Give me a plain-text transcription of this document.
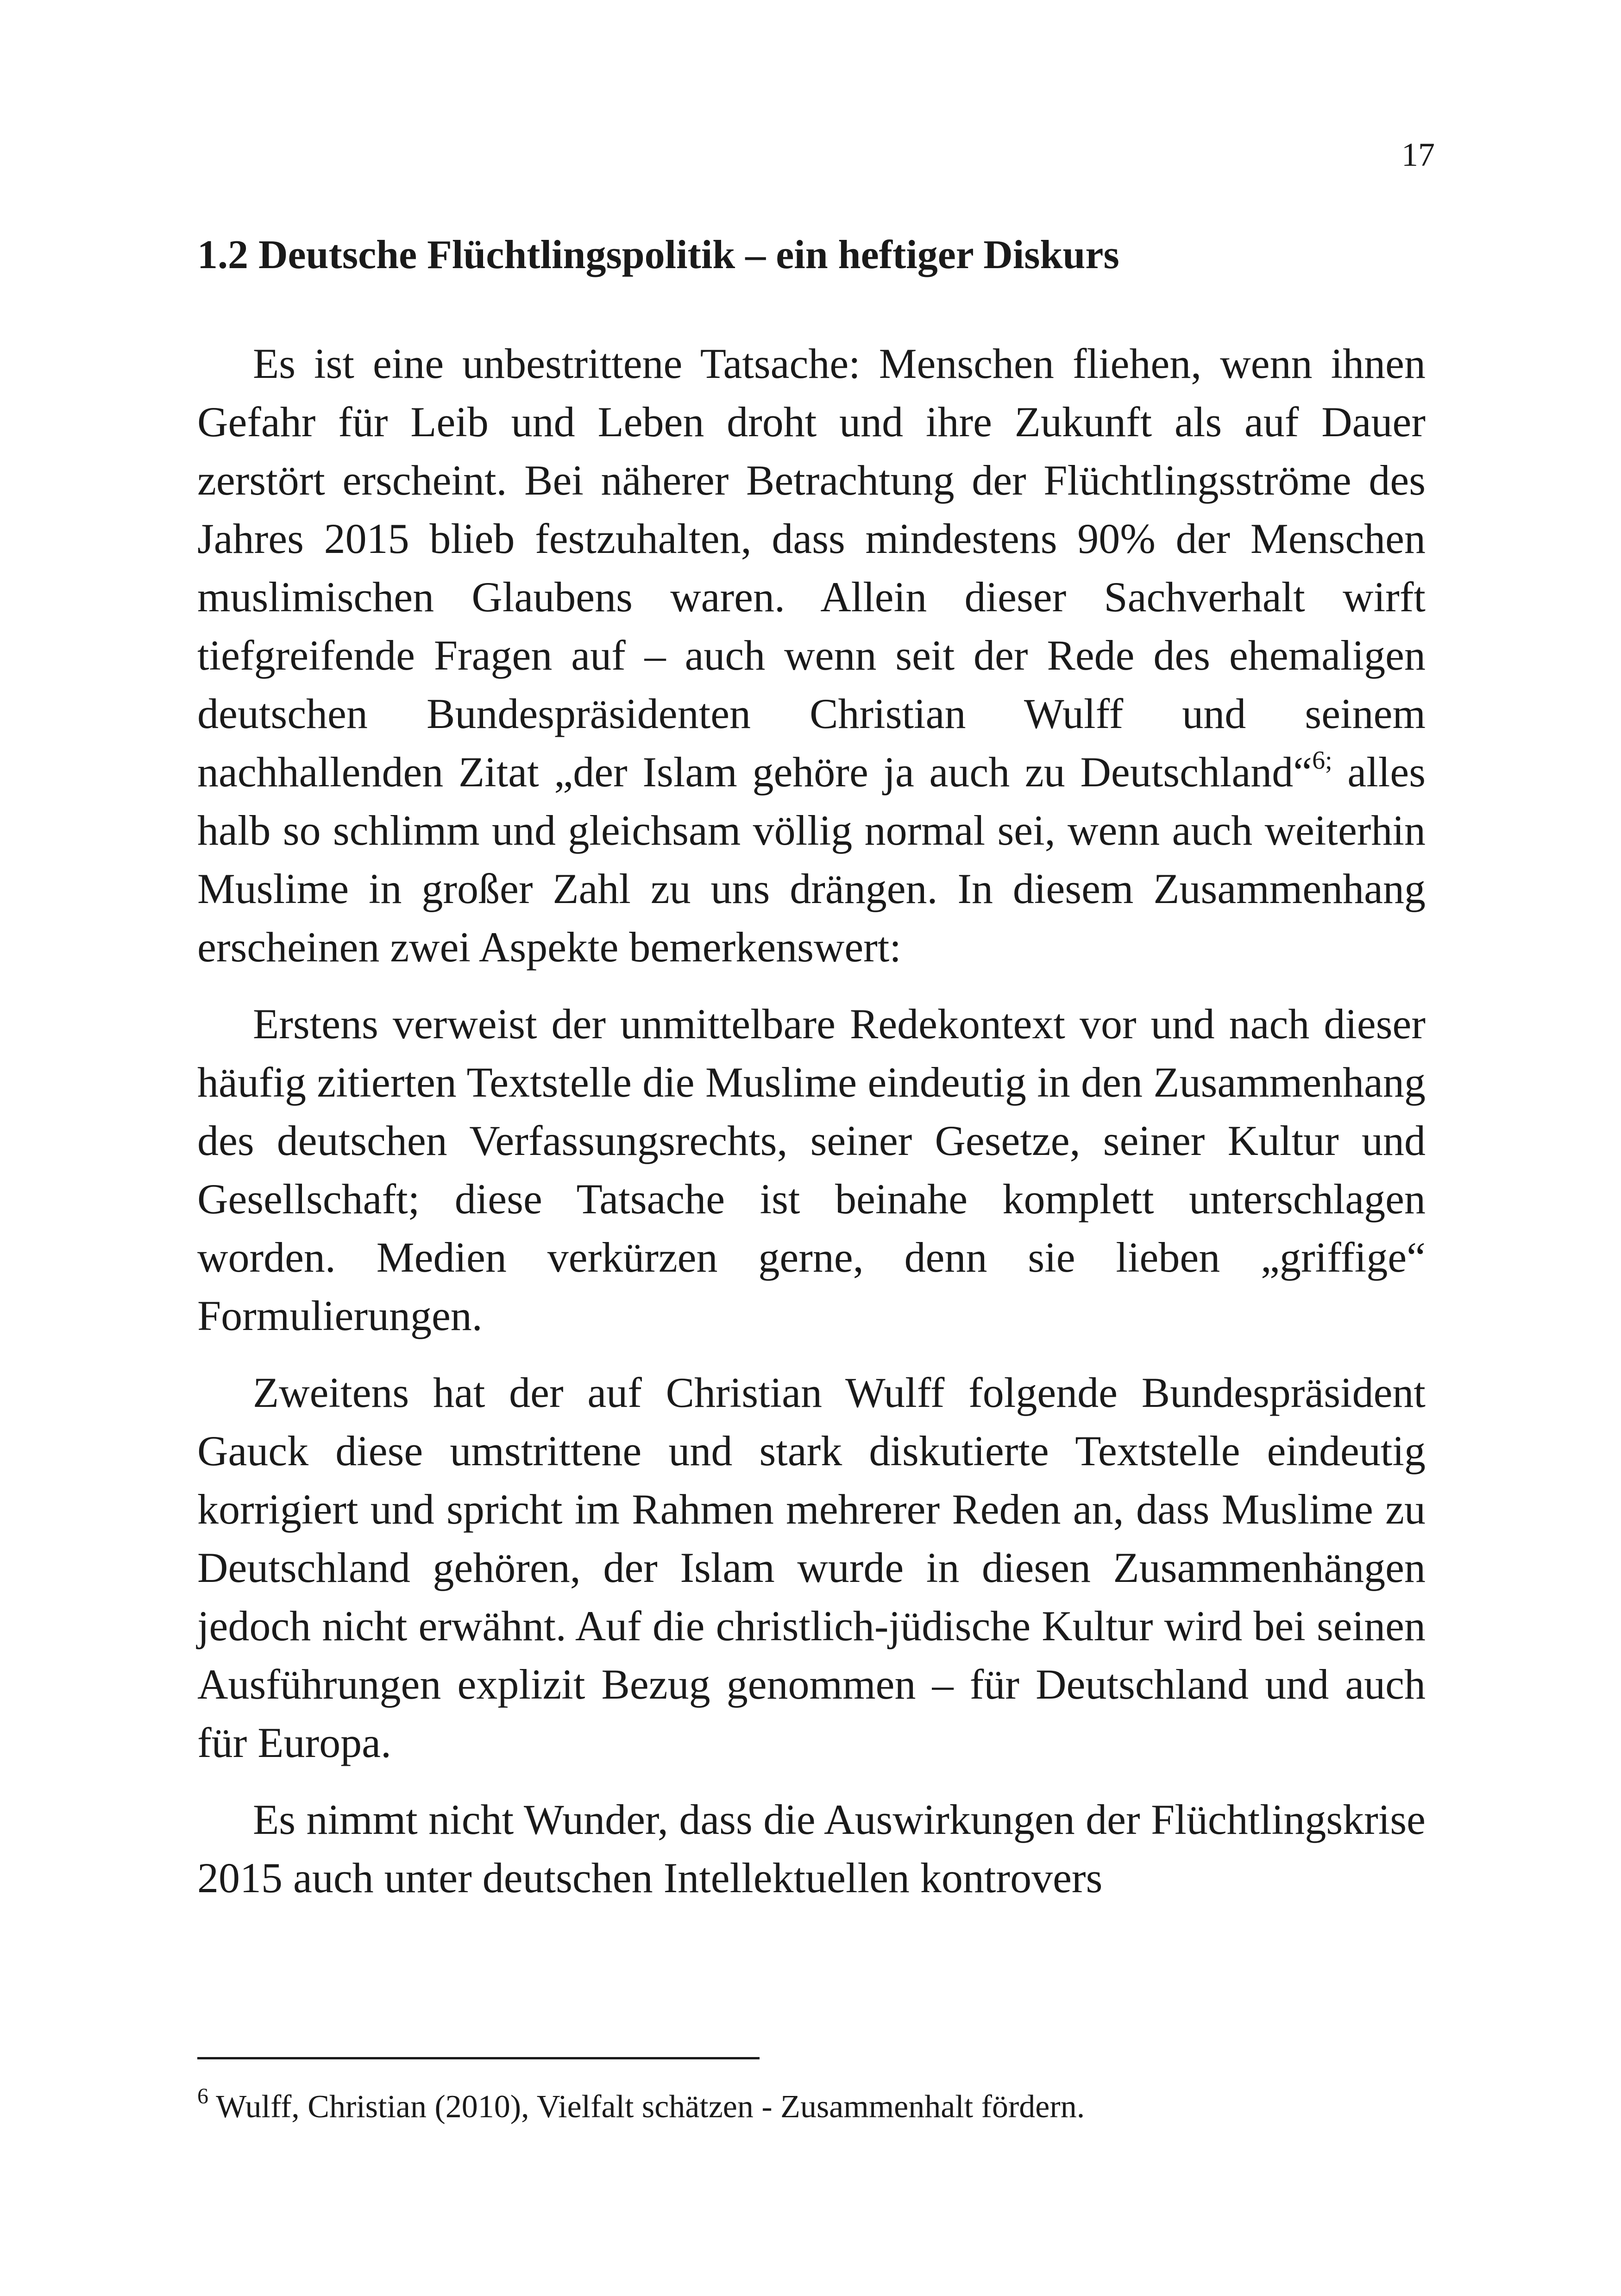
17
1.2 Deutsche Flüchtlingspolitik – ein heftiger Diskurs

Es ist eine unbestrittene Tatsache: Menschen fliehen, wenn ihnen Gefahr für Leib und Leben droht und ihre Zukunft als auf Dauer zerstört erscheint. Bei näherer Betrachtung der Flüchtlingsströme des Jahres 2015 blieb festzuhalten, dass mindestens 90% der Menschen muslimischen Glaubens waren. Allein dieser Sachverhalt wirft tiefgreifende Fragen auf – auch wenn seit der Rede des ehemaligen deutschen Bundespräsidenten Christian Wulff und seinem nachhallenden Zitat „der Islam gehöre ja auch zu Deutschland“$^{6;}$ alles halb so schlimm und gleichsam völlig normal sei, wenn auch weiterhin Muslime in großer Zahl zu uns drängen. In diesem Zusammenhang erscheinen zwei Aspekte bemerkenswert:

Erstens verweist der unmittelbare Redekontext vor und nach dieser häufig zitierten Textstelle die Muslime eindeutig in den Zusammenhang des deutschen Verfassungsrechts, seiner Gesetze, seiner Kultur und Gesellschaft; diese Tatsache ist beinahe komplett unterschlagen worden. Medien verkürzen gerne, denn sie lieben „griffige“ Formulierungen.

Zweitens hat der auf Christian Wulff folgende Bundespräsident Gauck diese umstrittene und stark diskutierte Textstelle eindeutig korrigiert und spricht im Rahmen mehrerer Reden an, dass Muslime zu Deutschland gehören, der Islam wurde in diesen Zusammenhängen jedoch nicht erwähnt. Auf die christlich-jüdische Kultur wird bei seinen Ausführungen explizit Bezug genommen – für Deutschland und auch für Europa.

Es nimmt nicht Wunder, dass die Auswirkungen der Flüchtlingskrise 2015 auch unter deutschen Intellektuellen kontrovers

$^6$ Wulff, Christian (2010), Vielfalt schätzen - Zusammenhalt fördern.
